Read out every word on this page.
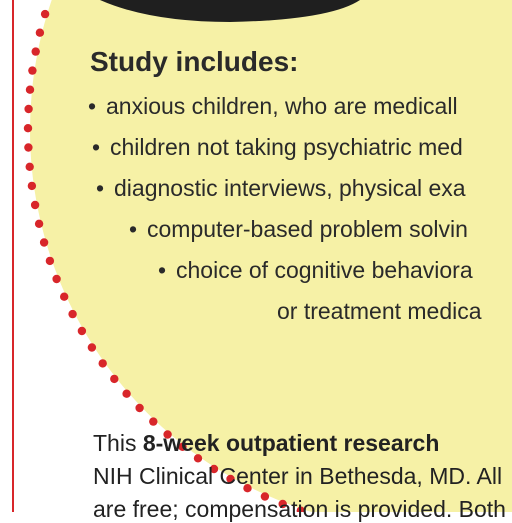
Study includes:
• anxious children, who are medicall
• children not taking psychiatric med
• diagnostic interviews, physical exa
• computer-based problem solvin
• choice of cognitive behaviora
or treatment medica
This 8-week outpatient research
NIH Clinical Center in Bethesda, MD. All
are free; compensation is provided. Both
